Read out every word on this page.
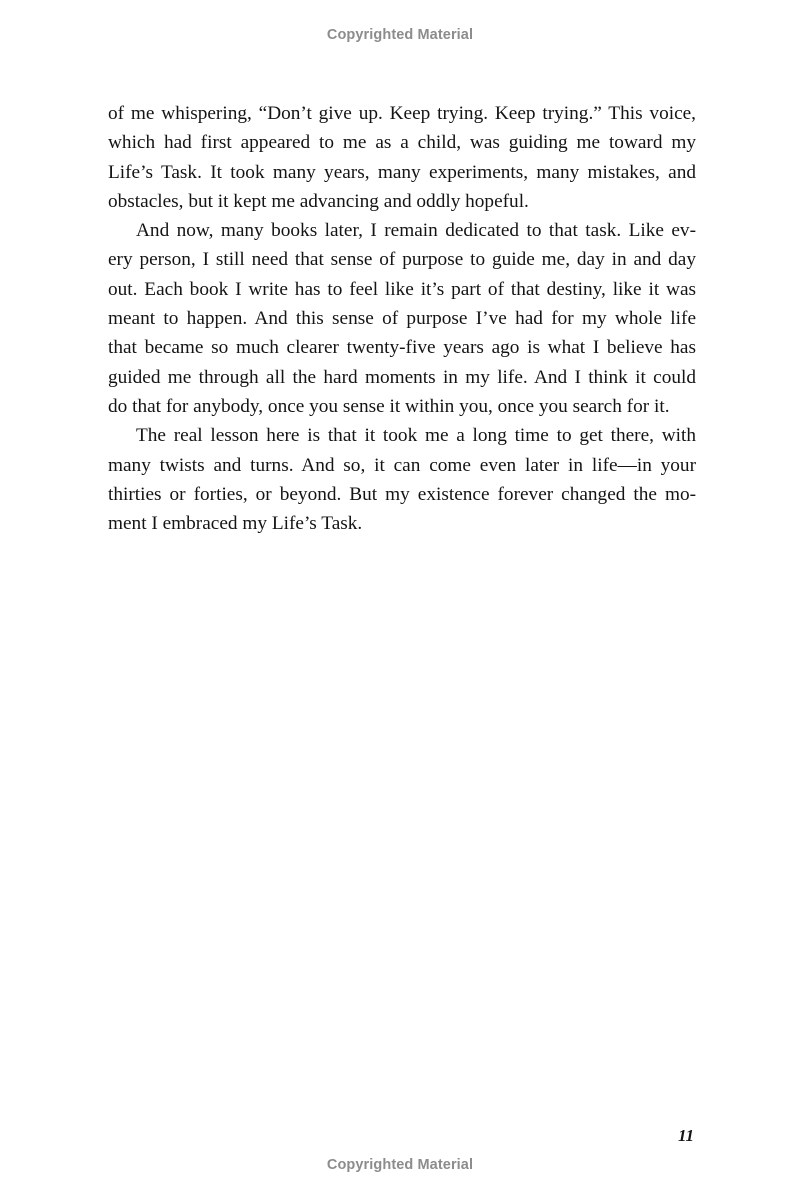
Copyrighted Material
of me whispering, “Don’t give up. Keep trying. Keep trying.” This voice,
which had first appeared to me as a child, was guiding me toward my
Life’s Task. It took many years, many experiments, many mistakes, and
obstacles, but it kept me advancing and oddly hopeful.
And now, many books later, I remain dedicated to that task. Like ev-
ery person, I still need that sense of purpose to guide me, day in and day
out. Each book I write has to feel like it’s part of that destiny, like it was
meant to happen. And this sense of purpose I’ve had for my whole life
that became so much clearer twenty-five years ago is what I believe has
guided me through all the hard moments in my life. And I think it could
do that for anybody, once you sense it within you, once you search for it.
The real lesson here is that it took me a long time to get there, with
many twists and turns. And so, it can come even later in life—in your
thirties or forties, or beyond. But my existence forever changed the mo-
ment I embraced my Life’s Task.
11
Copyrighted Material
